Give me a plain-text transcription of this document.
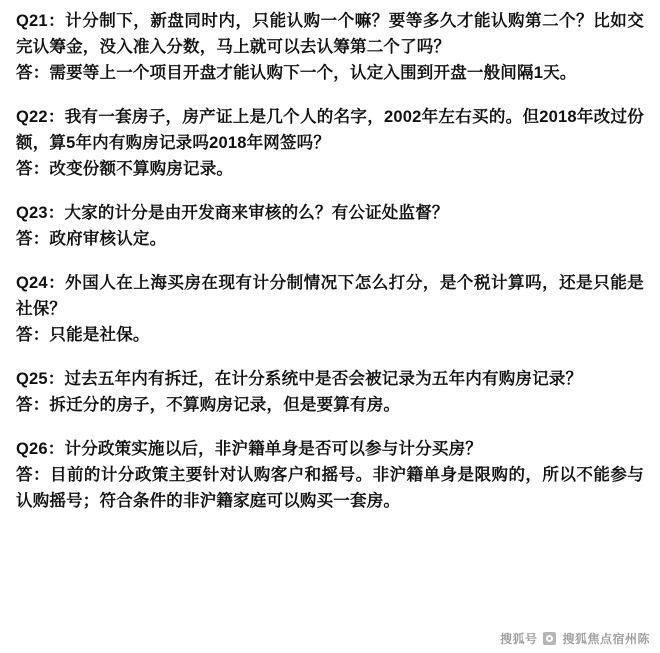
Q21：计分制下，新盘同时内，只能认购一个嘛？要等多久才能认购第二个？比如交完认筹金，没入准入分数，马上就可以去认筹第二个了吗？
答：需要等上一个项目开盘才能认购下一个，认定入围到开盘一般间隔1天。
Q22：我有一套房子，房产证上是几个人的名字，2002年左右买的。但2018年改过份额，算5年内有购房记录吗2018年网签吗？
答：改变份额不算购房记录。
Q23：大家的计分是由开发商来审核的么？有公证处监督？
答：政府审核认定。
Q24：外国人在上海买房在现有计分制情况下怎么打分，是个税计算吗，还是只能是社保？
答：只能是社保。
Q25：过去五年内有拆迁，在计分系统中是否会被记录为五年内有购房记录？
答：拆迁分的房子，不算购房记录，但是要算有房。
Q26：计分政策实施以后，非沪籍单身是否可以参与计分买房？
答：目前的计分政策主要针对认购客户和摇号。非沪籍单身是限购的，所以不能参与认购摇号；符合条件的非沪籍家庭可以购买一套房。
搜狐号 搜狐焦点宿州陈
